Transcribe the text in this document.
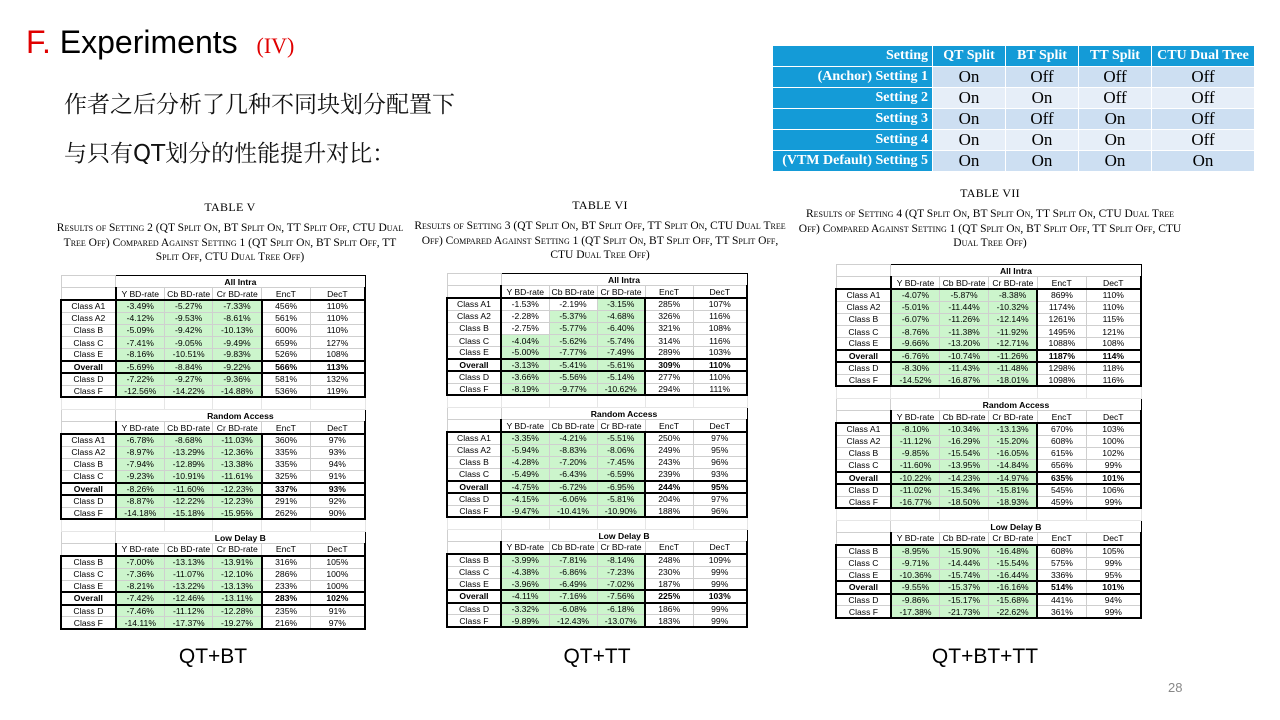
F. Experiments (IV)
作者之后分析了几种不同块划分配置下
与只有QT划分的性能提升对比：
Setting	QT Split	BT Split	TT Split	CTU Dual Tree
(Anchor) Setting 1	On	Off	Off	Off
Setting 2	On	On	Off	Off
Setting 3	On	Off	On	Off
Setting 4	On	On	On	Off
(VTM Default) Setting 5	On	On	On	On
TABLE V
Results of Setting 2 (QT Split On, BT Split On, TT Split Off, CTU Dual Tree Off) Compared Against Setting 1 (QT Split On, BT Split Off, TT Split Off, CTU Dual Tree Off)
	All Intra				
	Y BD-rate	Cb BD-rate	Cr BD-rate	EncT	DecT
Class A1	-3.49%	-5.27%	-7.33%	456%	110%
Class A2	-4.12%	-9.53%	-8.61%	561%	110%
Class B	-5.09%	-9.42%	-10.13%	600%	110%
Class C	-7.41%	-9.05%	-9.49%	659%	127%
Class E	-8.16%	-10.51%	-9.83%	526%	108%
Overall	-5.69%	-8.84%	-9.22%	566%	113%
Class D	-7.22%	-9.27%	-9.36%	581%	132%
Class F	-12.56%	-14.22%	-14.88%	536%	119%

	Random Access				
	Y BD-rate	Cb BD-rate	Cr BD-rate	EncT	DecT
Class A1	-6.78%	-8.68%	-11.03%	360%	97%
Class A2	-8.97%	-13.29%	-12.36%	335%	93%
Class B	-7.94%	-12.89%	-13.38%	335%	94%
Class C	-9.23%	-10.91%	-11.61%	325%	91%
Overall	-8.26%	-11.60%	-12.23%	337%	93%
Class D	-8.87%	-12.22%	-12.23%	291%	92%
Class F	-14.18%	-15.18%	-15.95%	262%	90%

	Low Delay B				
	Y BD-rate	Cb BD-rate	Cr BD-rate	EncT	DecT
Class B	-7.00%	-13.13%	-13.91%	316%	105%
Class C	-7.36%	-11.07%	-12.10%	286%	100%
Class E	-8.21%	-13.22%	-13.13%	233%	100%
Overall	-7.42%	-12.46%	-13.11%	283%	102%
Class D	-7.46%	-11.12%	-12.28%	235%	91%
Class F	-14.11%	-17.37%	-19.27%	216%	97%
QT+BT
TABLE VI
Results of Setting 3 (QT Split On, BT Split Off, TT Split On, CTU Dual Tree Off) Compared Against Setting 1 (QT Split On, BT Split Off, TT Split Off, CTU Dual Tree Off)
	All Intra				
	Y BD-rate	Cb BD-rate	Cr BD-rate	EncT	DecT
Class A1	-1.53%	-2.19%	-3.15%	285%	107%
Class A2	-2.28%	-5.37%	-4.68%	326%	116%
Class B	-2.75%	-5.77%	-6.40%	321%	108%
Class C	-4.04%	-5.62%	-5.74%	314%	116%
Class E	-5.00%	-7.77%	-7.49%	289%	103%
Overall	-3.13%	-5.41%	-5.61%	309%	110%
Class D	-3.66%	-5.56%	-5.14%	277%	110%
Class F	-8.19%	-9.77%	-10.62%	294%	111%

	Random Access				
	Y BD-rate	Cb BD-rate	Cr BD-rate	EncT	DecT
Class A1	-3.35%	-4.21%	-5.51%	250%	97%
Class A2	-5.94%	-8.83%	-8.06%	249%	95%
Class B	-4.28%	-7.20%	-7.45%	243%	96%
Class C	-5.49%	-6.43%	-6.59%	239%	93%
Overall	-4.75%	-6.72%	-6.95%	244%	95%
Class D	-4.15%	-6.06%	-5.81%	204%	97%
Class F	-9.47%	-10.41%	-10.90%	188%	96%

	Low Delay B				
	Y BD-rate	Cb BD-rate	Cr BD-rate	EncT	DecT
Class B	-3.99%	-7.81%	-8.14%	248%	109%
Class C	-4.38%	-6.86%	-7.23%	230%	99%
Class E	-3.96%	-6.49%	-7.02%	187%	99%
Overall	-4.11%	-7.16%	-7.56%	225%	103%
Class D	-3.32%	-6.08%	-6.18%	186%	99%
Class F	-9.89%	-12.43%	-13.07%	183%	99%
QT+TT
TABLE VII
Results of Setting 4 (QT Split On, BT Split On, TT Split On, CTU Dual Tree Off) Compared Against Setting 1 (QT Split On, BT Split Off, TT Split Off, CTU Dual Tree Off)
	All Intra				
	Y BD-rate	Cb BD-rate	Cr BD-rate	EncT	DecT
Class A1	-4.07%	-5.87%	-8.38%	869%	110%
Class A2	-5.01%	-11.44%	-10.32%	1174%	110%
Class B	-6.07%	-11.26%	-12.14%	1261%	115%
Class C	-8.76%	-11.38%	-11.92%	1495%	121%
Class E	-9.66%	-13.20%	-12.71%	1088%	108%
Overall	-6.76%	-10.74%	-11.26%	1187%	114%
Class D	-8.30%	-11.43%	-11.48%	1298%	118%
Class F	-14.52%	-16.87%	-18.01%	1098%	116%

	Random Access				
	Y BD-rate	Cb BD-rate	Cr BD-rate	EncT	DecT
Class A1	-8.10%	-10.34%	-13.13%	670%	103%
Class A2	-11.12%	-16.29%	-15.20%	608%	100%
Class B	-9.85%	-15.54%	-16.05%	615%	102%
Class C	-11.60%	-13.95%	-14.84%	656%	99%
Overall	-10.22%	-14.23%	-14.97%	635%	101%
Class D	-11.02%	-15.34%	-15.81%	545%	106%
Class F	-16.77%	-18.50%	-18.93%	459%	99%

	Low Delay B				
	Y BD-rate	Cb BD-rate	Cr BD-rate	EncT	DecT
Class B	-8.95%	-15.90%	-16.48%	608%	105%
Class C	-9.71%	-14.44%	-15.54%	575%	99%
Class E	-10.36%	-15.74%	-16.44%	336%	95%
Overall	-9.55%	-15.37%	-16.16%	514%	101%
Class D	-9.86%	-15.17%	-15.68%	441%	94%
Class F	-17.38%	-21.73%	-22.62%	361%	99%
QT+BT+TT
28
